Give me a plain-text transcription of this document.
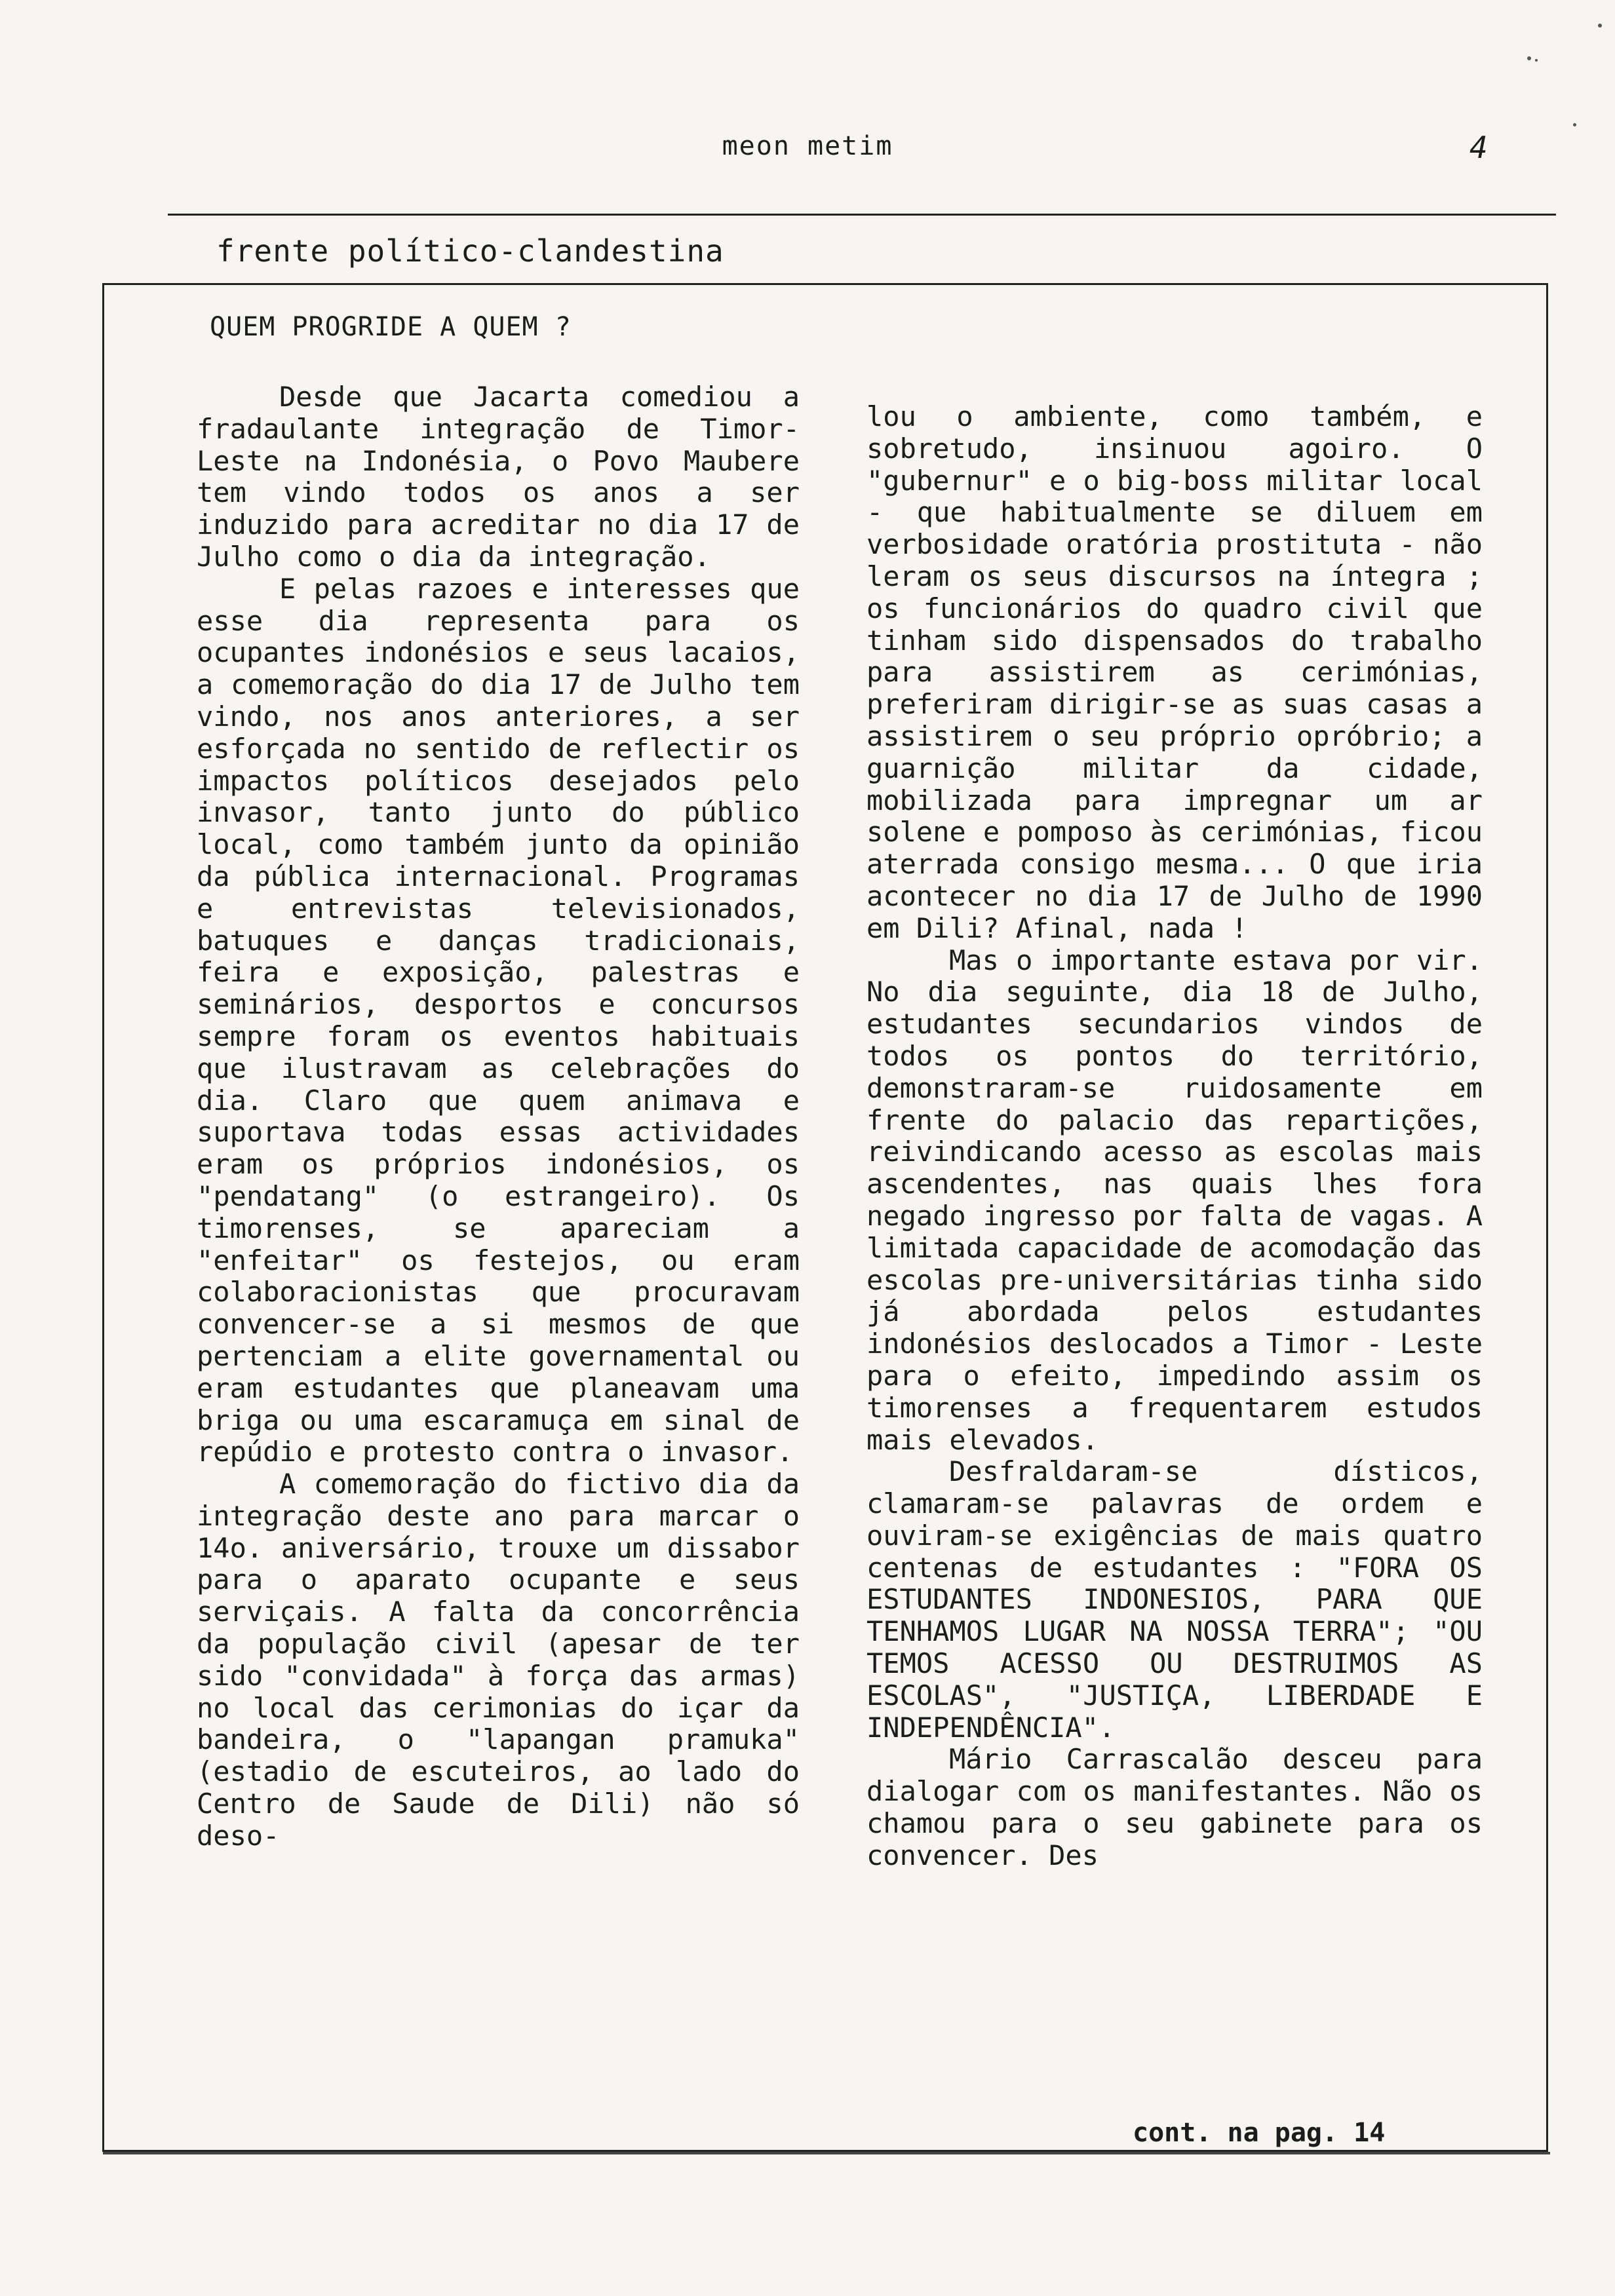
meon metim	4
frente político-clandestina
QUEM PROGRIDE A QUEM ?

Desde que Jacarta comediou a fradaulante integração de Timor-Leste na Indonésia, o Povo Maubere tem vindo todos os anos a ser induzido para acreditar no dia 17 de Julho como o dia da integração.

E pelas razoes e interesses que esse dia representa para os ocupantes indonésios e seus lacaios, a comemoração do dia 17 de Julho tem vindo, nos anos anteriores, a ser esforçada no sentido de reflectir os impactos políticos desejados pelo invasor, tanto junto do público local, como também junto da opinião da pública internacional. Programas e entrevistas televisionados, batuques e danças tradicionais, feira e exposição, palestras e seminários, desportos e concursos sempre foram os eventos habituais que ilustravam as celebrações do dia. Claro que quem animava e suportava todas essas actividades eram os próprios indonésios, os "pendatang" (o estrangeiro). Os timorenses, se apareciam a "enfeitar" os festejos, ou eram colaboracionistas que procuravam convencer-se a si mesmos de que pertenciam a elite governamental ou eram estudantes que planeavam uma briga ou uma escaramuça em sinal de repúdio e protesto contra o invasor.

A comemoração do fictivo dia da integração deste ano para marcar o 14o. aniversário, trouxe um dissabor para o aparato ocupante e seus serviçais. A falta da concorrência da população civil (apesar de ter sido "convidada" à força das armas) no local das cerimonias do içar da bandeira, o "lapangan pramuka" (estadio de escuteiros, ao lado do Centro de Saude de Dili) não só deso-

lou o ambiente, como também, e sobretudo, insinuou agoiro. O "gubernur" e o big-boss militar local - que habitualmente se diluem em verbosidade oratória prostituta - não leram os seus discursos na íntegra ; os funcionários do quadro civil que tinham sido dispensados do trabalho para assistirem as cerimónias, preferiram dirigir-se as suas casas a assistirem o seu próprio opróbrio; a guarnição militar da cidade, mobilizada para impregnar um ar solene e pomposo às cerimónias, ficou aterrada consigo mesma... O que iria acontecer no dia 17 de Julho de 1990 em Dili? Afinal, nada !

Mas o importante estava por vir. No dia seguinte, dia 18 de Julho, estudantes secundarios vindos de todos os pontos do território, demonstraram-se ruidosamente em frente do palacio das repartições, reivindicando acesso as escolas mais ascendentes, nas quais lhes fora negado ingresso por falta de vagas. A limitada capacidade de acomodação das escolas pre-universitárias tinha sido já abordada pelos estudantes indonésios deslocados a Timor - Leste para o efeito, impedindo assim os timorenses a frequentarem estudos mais elevados.

Desfraldaram-se dísticos, clamaram-se palavras de ordem e ouviram-se exigências de mais quatro centenas de estudantes : "FORA OS ESTUDANTES INDONESIOS, PARA QUE TENHAMOS LUGAR NA NOSSA TERRA"; "OU TEMOS ACESSO OU DESTRUIMOS AS ESCOLAS", "JUSTIÇA, LIBERDADE E INDEPENDÊNCIA".

Mário Carrascalão desceu para dialogar com os manifestantes. Não os chamou para o seu gabinete para os convencer. Des

cont. na pag. 14
